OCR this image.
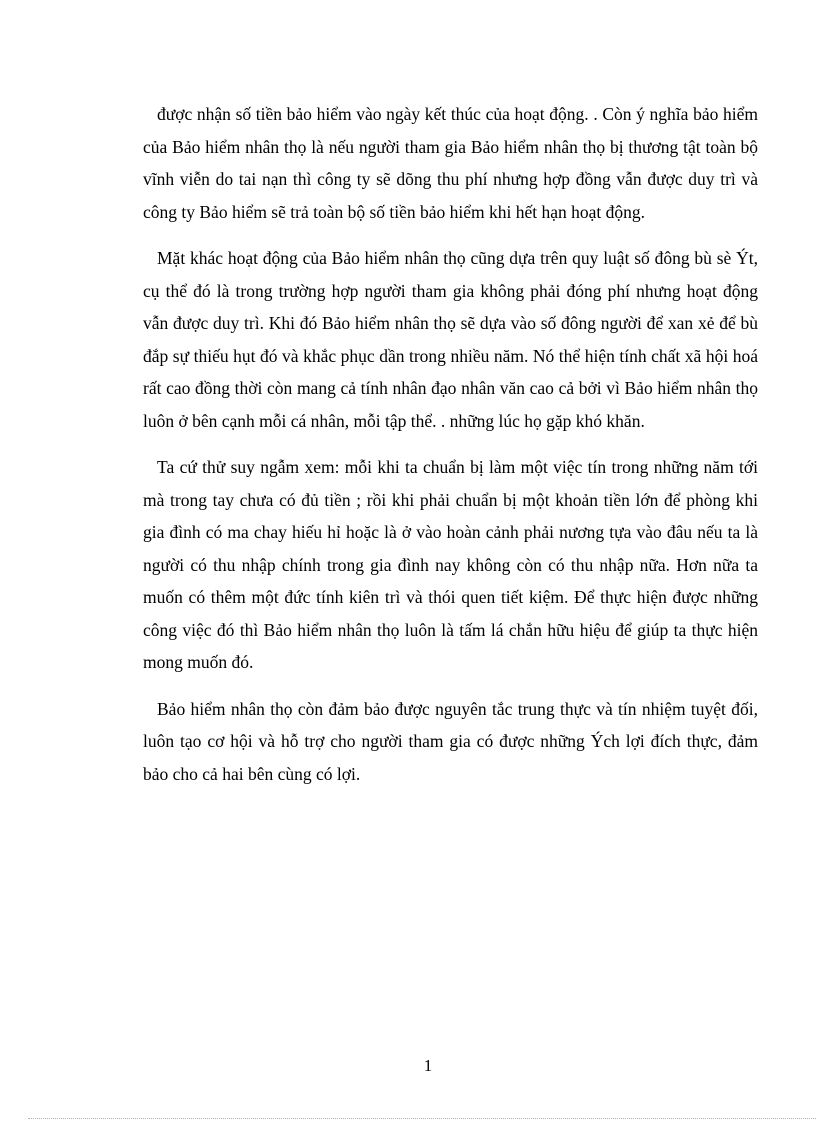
được nhận số tiền bảo hiểm vào ngày kết thúc của hoạt động. . Còn ý nghĩa bảo hiểm của Bảo hiểm nhân thọ là nếu người tham gia Bảo hiểm nhân thọ bị thương tật toàn bộ vĩnh viễn do tai nạn thì công ty sẽ dõng thu phí nhưng hợp đồng vẫn được duy trì và công ty Bảo hiểm sẽ trả toàn bộ số tiền bảo hiểm khi hết hạn hoạt động.

Mặt khác hoạt động của Bảo hiểm nhân thọ cũng dựa trên quy luật số đông bù sè Ýt, cụ thể đó là trong trường hợp người tham gia không phải đóng phí nhưng hoạt động vẫn được duy trì. Khi đó Bảo hiểm nhân thọ sẽ dựa vào số đông người để xan xẻ để bù đắp sự thiếu hụt đó và khắc phục dần trong nhiều năm. Nó thể hiện tính chất xã hội hoá rất cao đồng thời còn mang cả tính nhân đạo nhân văn cao cả bởi vì Bảo hiểm nhân thọ luôn ở bên cạnh mỗi cá nhân, mỗi tập thể. . những lúc họ gặp khó khăn.

Ta cứ thử suy ngẫm xem: mỗi khi ta chuẩn bị làm một việc tín trong những năm tới mà trong tay chưa có đủ tiền ; rồi khi phải chuẩn bị một khoản tiền lớn để phòng khi gia đình có ma chay hiếu hỉ hoặc là ở vào hoàn cảnh phải nương tựa vào đâu nếu ta là người có thu nhập chính trong gia đình nay không còn có thu nhập nữa. Hơn nữa ta muốn có thêm một đức tính kiên trì và thói quen tiết kiệm. Để thực hiện được những công việc đó thì Bảo hiểm nhân thọ luôn là tấm lá chắn hữu hiệu để giúp ta thực hiện mong muốn đó.

Bảo hiểm nhân thọ còn đảm bảo được nguyên tắc trung thực và tín nhiệm tuyệt đối, luôn tạo cơ hội và hỗ trợ cho người tham gia có được những Ých lợi đích thực, đảm bảo cho cả hai bên cùng có lợi.

1
